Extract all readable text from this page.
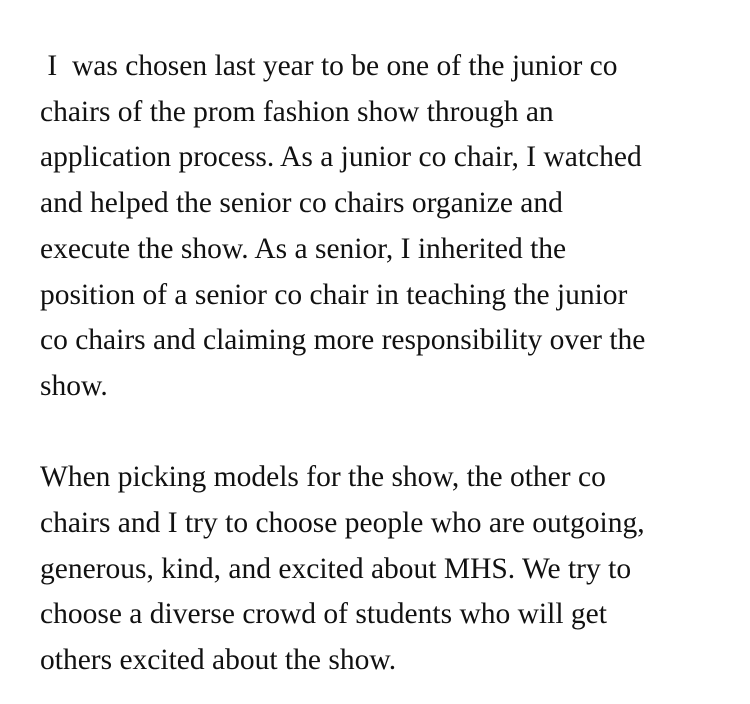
I  was chosen last year to be one of the junior co
chairs of the prom fashion show through an
application process. As a junior co chair, I watched
and helped the senior co chairs organize and
execute the show. As a senior, I inherited the
position of a senior co chair in teaching the junior
co chairs and claiming more responsibility over the
show.

When picking models for the show, the other co
chairs and I try to choose people who are outgoing,
generous, kind, and excited about MHS. We try to
choose a diverse crowd of students who will get
others excited about the show.
